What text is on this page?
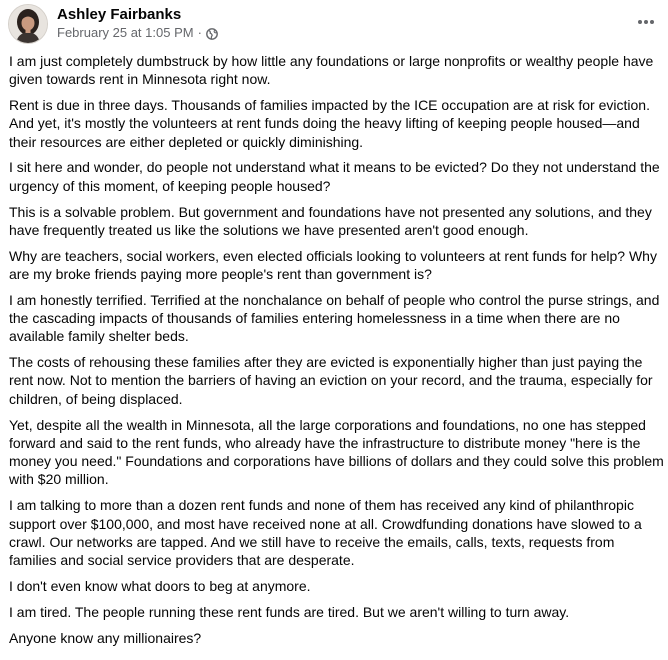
Ashley Fairbanks
February 25 at 1:05 PM ·

I am just completely dumbstruck by how little any foundations or large nonprofits or wealthy people have given towards rent in Minnesota right now.

Rent is due in three days. Thousands of families impacted by the ICE occupation are at risk for eviction. And yet, it's mostly the volunteers at rent funds doing the heavy lifting of keeping people housed—and their resources are either depleted or quickly diminishing.

I sit here and wonder, do people not understand what it means to be evicted? Do they not understand the urgency of this moment, of keeping people housed?

This is a solvable problem. But government and foundations have not presented any solutions, and they have frequently treated us like the solutions we have presented aren't good enough.

Why are teachers, social workers, even elected officials looking to volunteers at rent funds for help? Why are my broke friends paying more people's rent than government is?

I am honestly terrified. Terrified at the nonchalance on behalf of people who control the purse strings, and the cascading impacts of thousands of families entering homelessness in a time when there are no available family shelter beds.

The costs of rehousing these families after they are evicted is exponentially higher than just paying the rent now. Not to mention the barriers of having an eviction on your record, and the trauma, especially for children, of being displaced.

Yet, despite all the wealth in Minnesota, all the large corporations and foundations, no one has stepped forward and said to the rent funds, who already have the infrastructure to distribute money "here is the money you need." Foundations and corporations have billions of dollars and they could solve this problem with $20 million.

I am talking to more than a dozen rent funds and none of them has received any kind of philanthropic support over $100,000, and most have received none at all. Crowdfunding donations have slowed to a crawl. Our networks are tapped. And we still have to receive the emails, calls, texts, requests from families and social service providers that are desperate.

I don't even know what doors to beg at anymore.

I am tired. The people running these rent funds are tired. But we aren't willing to turn away.

Anyone know any millionaires?
